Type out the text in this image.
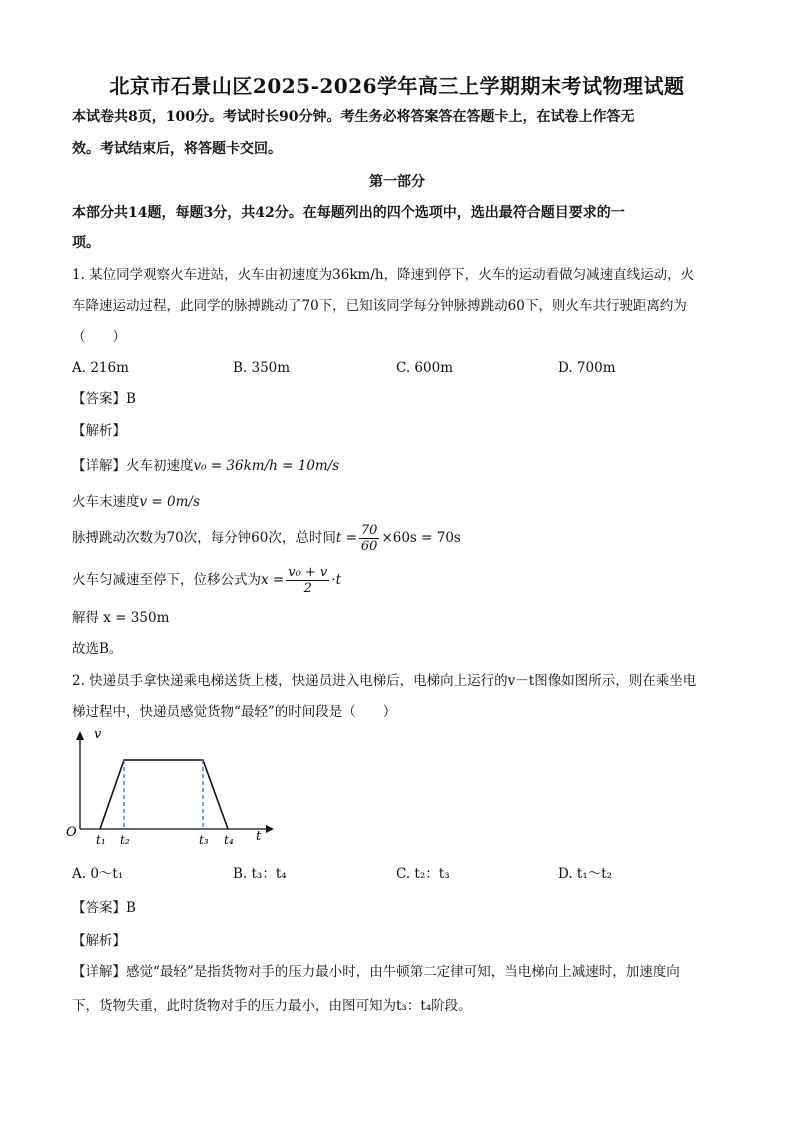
北京市石景山区2025-2026学年高三上学期期末考试物理试题
本试卷共8页，100分。考试时长90分钟。考生务必将答案答在答题卡上，在试卷上作答无
效。考试结束后，将答题卡交回。
第一部分
本部分共14题，每题3分，共42分。在每题列出的四个选项中，选出最符合题目要求的一
项。
1. 某位同学观察火车进站，火车由初速度为36km/h，降速到停下，火车的运动看做匀减速直线运动，火
车降速运动过程，此同学的脉搏跳动了70下，已知该同学每分钟脉搏跳动60下，则火车共行驶距离约为
（　　）
A. 216m	B. 350m	C. 600m	D. 700m
【答案】B
【解析】
【详解】火车初速度v₀ = 36km/h = 10m/s
火车末速度v = 0m/s
脉搏跳动次数为70次，每分钟60次，总时间$t = \frac{70}{60} \times 60s = 70s$
火车匀减速至停下，位移公式为$x = \frac{\text{v₀ + v}}{2} \cdot t$
解得 x = 350m
故选B。
2. 快递员手拿快递乘电梯送货上楼，快递员进入电梯后，电梯向上运行的v－t图像如图所示，则在乘坐电
梯过程中，快递员感觉货物“最轻”的时间段是（　　）
v
t
O t₁ t₂	t₃ t₄
A. 0～t₁	B. t₃：t₄	C. t₂：t₃	D. t₁～t₂
【答案】B
【解析】
【详解】感觉“最轻”是指货物对手的压力最小时，由牛顿第二定律可知，当电梯向上减速时，加速度向
下，货物失重，此时货物对手的压力最小，由图可知为t₃：t₄阶段。
